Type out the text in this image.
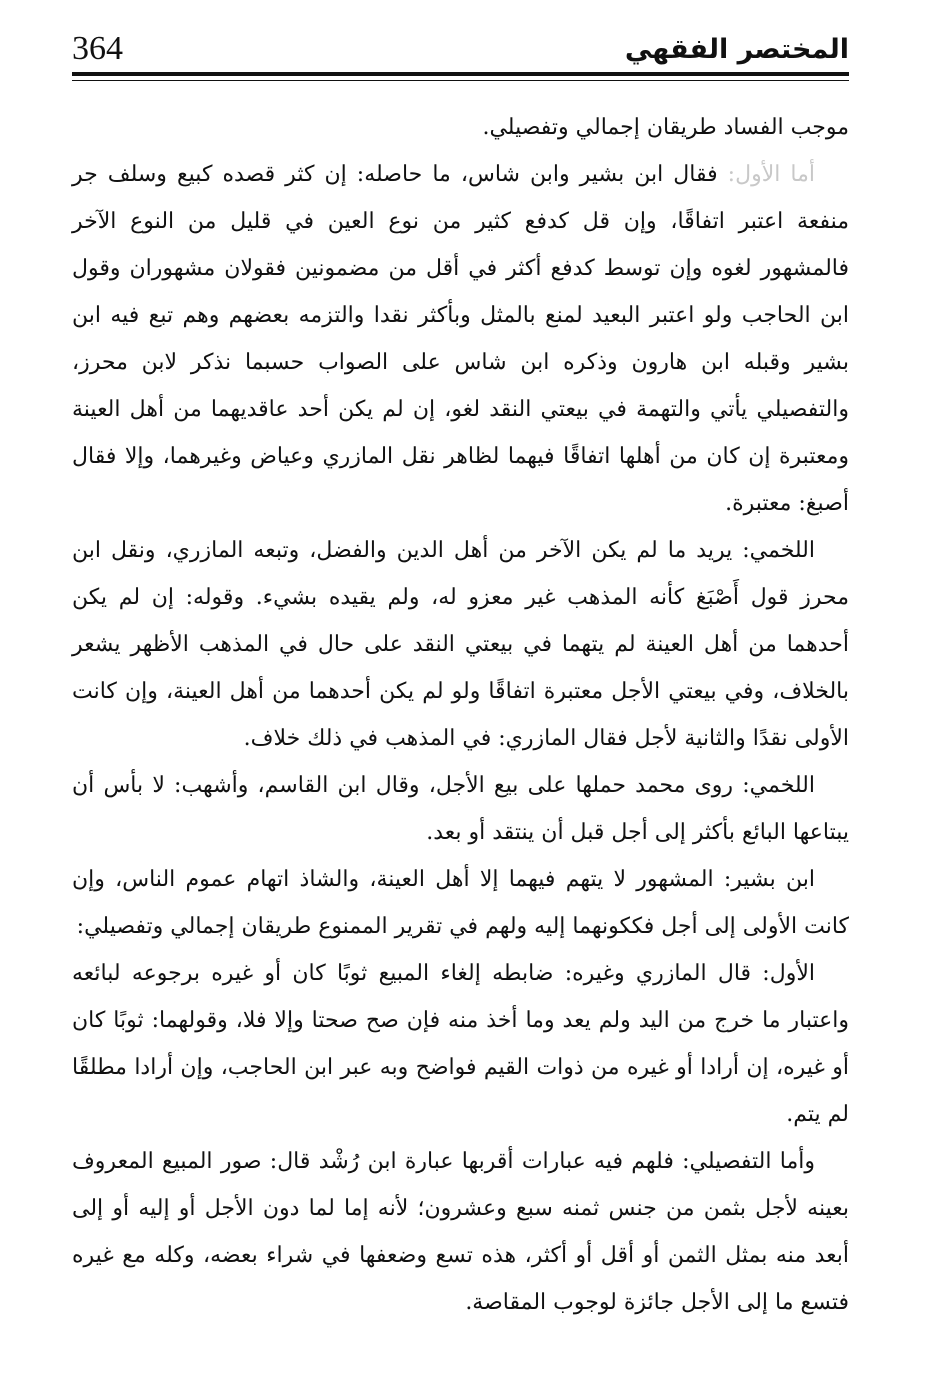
364	المختصر الفقهي

موجب الفساد طريقان إجمالي وتفصيلي.

أما الأول: فقال ابن بشير وابن شاس، ما حاصله: إن كثر قصده كبيع وسلف جر منفعة اعتبر اتفاقًا، وإن قل كدفع كثير من نوع العين في قليل من النوع الآخر فالمشهور لغوه وإن توسط كدفع أكثر في أقل من مضمونين فقولان مشهوران وقول ابن الحاجب ولو اعتبر البعيد لمنع بالمثل وبأكثر نقدا والتزمه بعضهم وهم تبع فيه ابن بشير وقبله ابن هارون وذكره ابن شاس على الصواب حسبما نذكر لابن محرز، والتفصيلي يأتي والتهمة في بيعتي النقد لغو، إن لم يكن أحد عاقديهما من أهل العينة ومعتبرة إن كان من أهلها اتفاقًا فيهما لظاهر نقل المازري وعياض وغيرهما، وإلا فقال أصبغ: معتبرة.

اللخمي: يريد ما لم يكن الآخر من أهل الدين والفضل، وتبعه المازري، ونقل ابن محرز قول أَصْبَغ كأنه المذهب غير معزو له، ولم يقيده بشيء. وقوله: إن لم يكن أحدهما من أهل العينة لم يتهما في بيعتي النقد على حال في المذهب الأظهر يشعر بالخلاف، وفي بيعتي الأجل معتبرة اتفاقًا ولو لم يكن أحدهما من أهل العينة، وإن كانت الأولى نقدًا والثانية لأجل فقال المازري: في المذهب في ذلك خلاف.

اللخمي: روى محمد حملها على بيع الأجل، وقال ابن القاسم، وأشهب: لا بأس أن يبتاعها البائع بأكثر إلى أجل قبل أن ينتقد أو بعد.

ابن بشير: المشهور لا يتهم فيهما إلا أهل العينة، والشاذ اتهام عموم الناس، وإن كانت الأولى إلى أجل فككونهما إليه ولهم في تقرير الممنوع طريقان إجمالي وتفصيلي:

الأول: قال المازري وغيره: ضابطه إلغاء المبيع ثوبًا كان أو غيره برجوعه لبائعه واعتبار ما خرج من اليد ولم يعد وما أخذ منه فإن صح صحتا وإلا فلا، وقولهما: ثوبًا كان أو غيره، إن أرادا أو غيره من ذوات القيم فواضح وبه عبر ابن الحاجب، وإن أرادا مطلقًا لم يتم.

وأما التفصيلي: فلهم فيه عبارات أقربها عبارة ابن رُشْد قال: صور المبيع المعروف بعينه لأجل بثمن من جنس ثمنه سبع وعشرون؛ لأنه إما لما دون الأجل أو إليه أو إلى أبعد منه بمثل الثمن أو أقل أو أكثر، هذه تسع وضعفها في شراء بعضه، وكله مع غيره فتسع ما إلى الأجل جائزة لوجوب المقاصة.
